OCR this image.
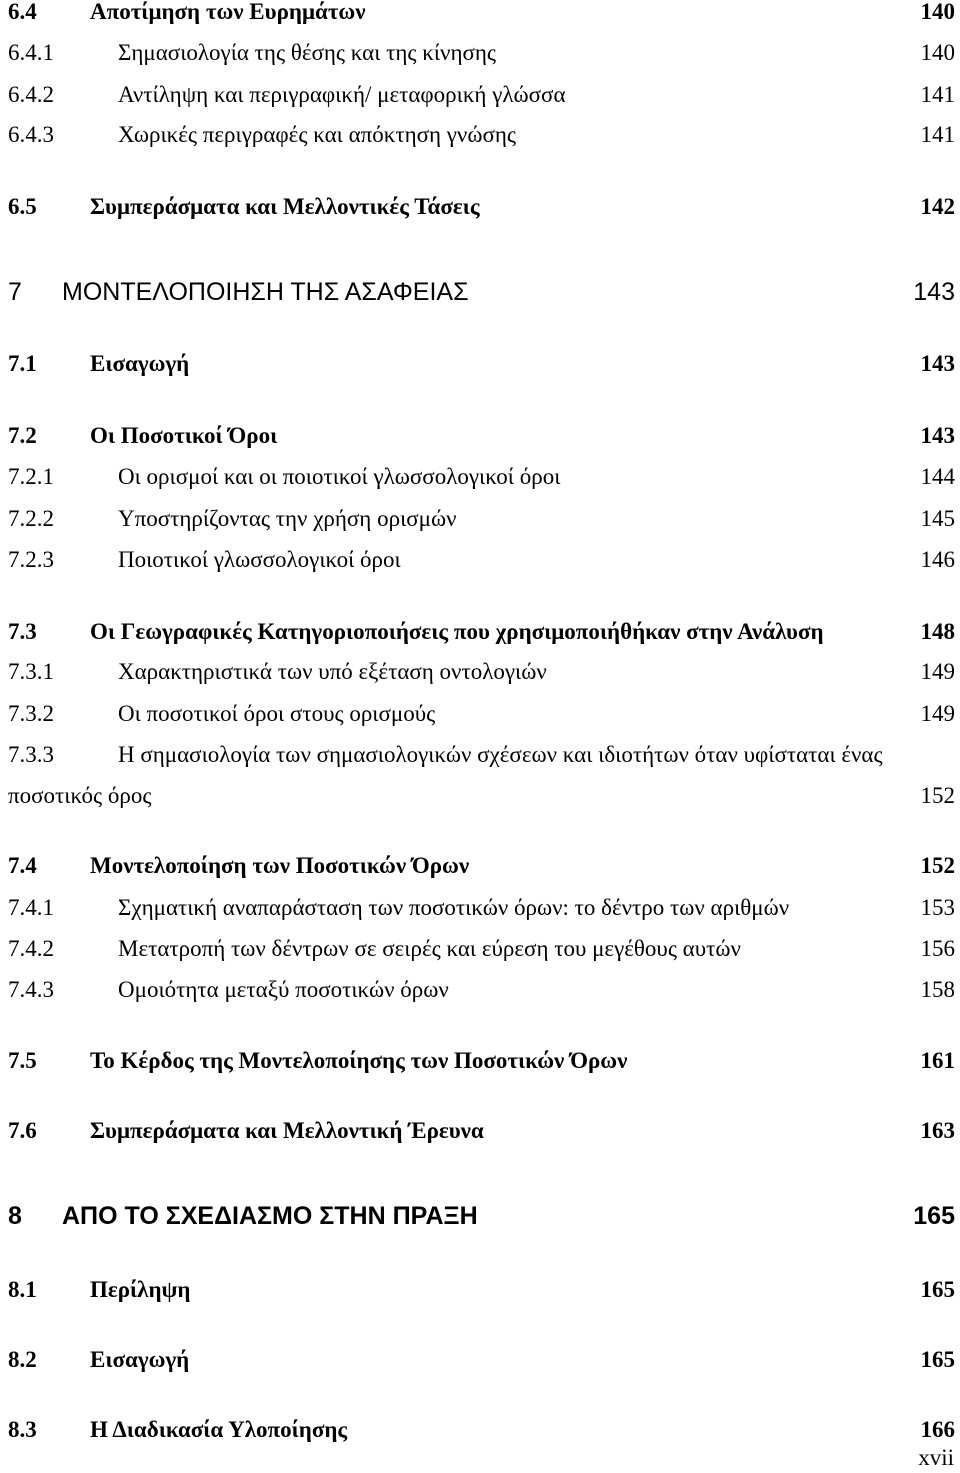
6.4 Αποτίμηση των Ευρημάτων	140
6.4.1	Σημασιολογία της θέσης και της κίνησης	140
6.4.2	Αντίληψη και περιγραφική/ μεταφορική γλώσσα	141
6.4.3	Χωρικές περιγραφές και απόκτηση γνώσης	141
6.5 Συμπεράσματα και Μελλοντικές Τάσεις	142
7 ΜΟΝΤΕΛΟΠΟΙΗΣΗ ΤΗΣ ΑΣΑΦΕΙΑΣ	143
7.1 Εισαγωγή	143
7.2 Οι Ποσοτικοί Όροι	143
7.2.1	Οι ορισμοί και οι ποιοτικοί γλωσσολογικοί όροι	144
7.2.2	Υποστηρίζοντας την χρήση ορισμών	145
7.2.3	Ποιοτικοί γλωσσολογικοί όροι	146
7.3 Οι Γεωγραφικές Κατηγοριοποιήσεις που χρησιμοποιήθήκαν στην Ανάλυση	148
7.3.1	Χαρακτηριστικά των υπό εξέταση οντολογιών	149
7.3.2	Οι ποσοτικοί όροι στους ορισμούς	149
7.3.3	Η σημασιολογία των σημασιολογικών σχέσεων και ιδιοτήτων όταν υφίσταται ένας
ποσοτικός όρος	152
7.4 Μοντελοποίηση των Ποσοτικών Όρων	152
7.4.1	Σχηματική αναπαράσταση των ποσοτικών όρων: το δέντρο των αριθμών	153
7.4.2	Μετατροπή των δέντρων σε σειρές και εύρεση του μεγέθους αυτών	156
7.4.3	Ομοιότητα μεταξύ ποσοτικών όρων	158
7.5 Το Κέρδος της Μοντελοποίησης των Ποσοτικών Όρων	161
7.6 Συμπεράσματα και Μελλοντική Έρευνα	163
8 ΑΠΟ ΤΟ ΣΧΕΔΙΑΣΜΟ ΣΤΗΝ ΠΡΑΞΗ	165
8.1 Περίληψη	165
8.2 Εισαγωγή	165
8.3 Η Διαδικασία Υλοποίησης	166
xvii
